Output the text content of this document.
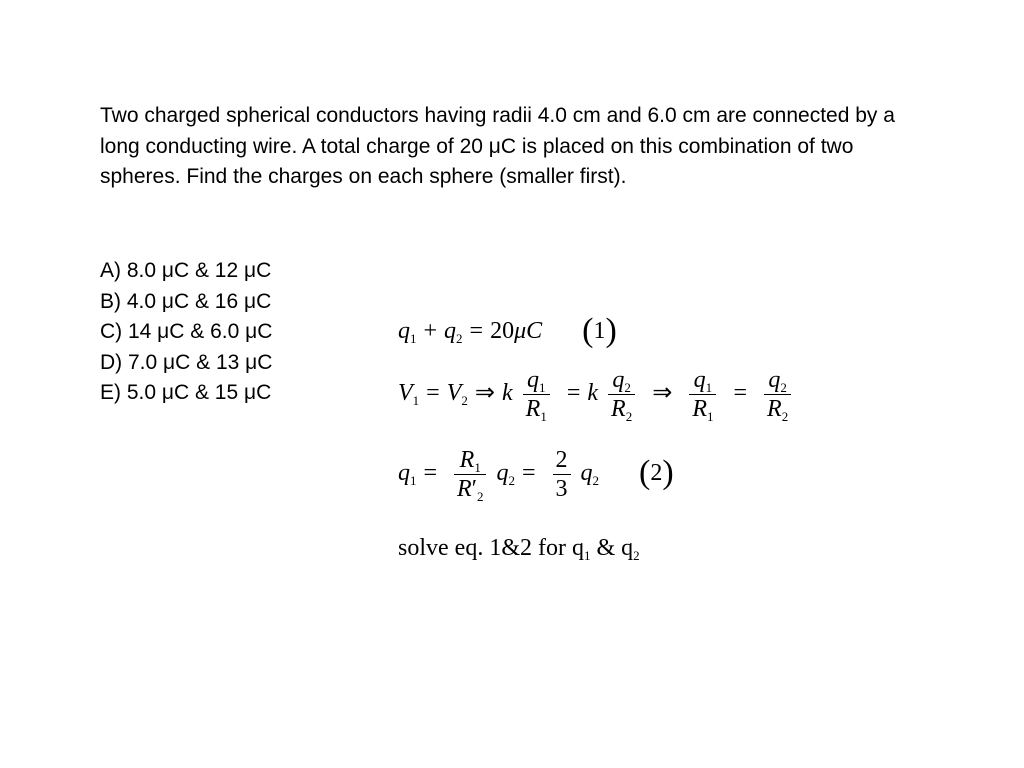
Two charged spherical conductors having radii 4.0 cm and 6.0 cm are connected by a long conducting wire. A total charge of 20 μC is placed on this combination of two spheres. Find the charges on each sphere (smaller first).

A) 8.0 μC & 12 μC
B) 4.0 μC & 16 μC
C) 14 μC & 6.0 μC
D) 7.0 μC & 13 μC
E) 5.0 μC & 15 μC
$q_1 + q_2 = 20\mu C$ (1)
$V_1 = V_2$ ⇒ k $\frac{q_1}{R_1} = k \frac{q_2}{R_2}$ ⇒ $\frac{q_1}{R_1} = \frac{q_2}{R_2}$
$q_1 = \frac{R_1}{R'_2} q_2 = \frac{2}{3} q_2$ (2)
solve eq. 1&2 for $q_1$ & $q_2$
